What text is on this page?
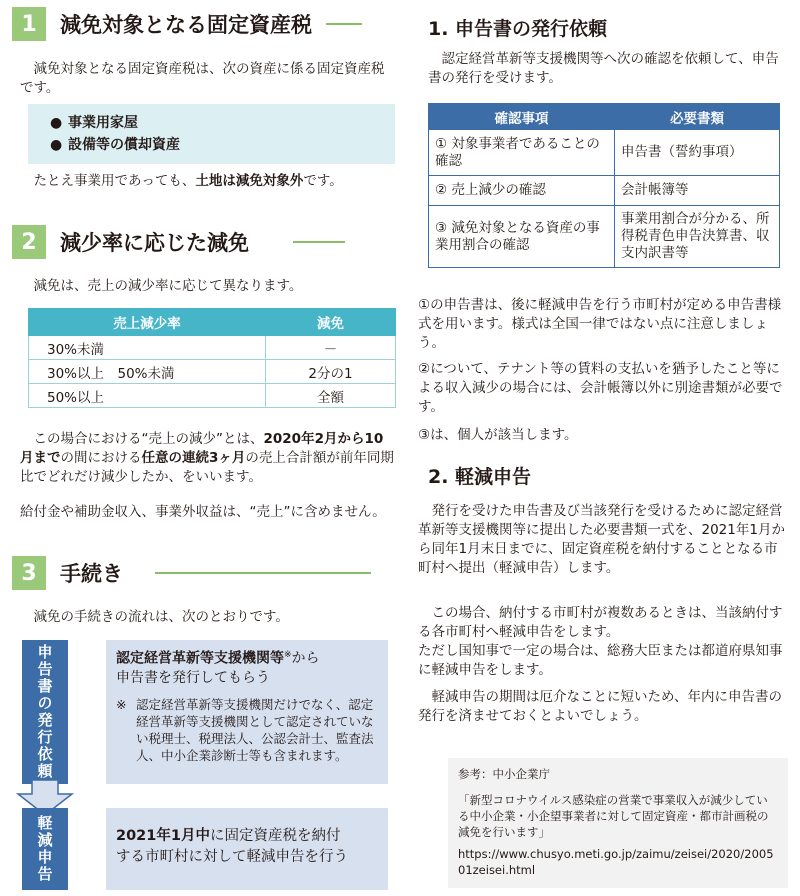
1	減免対象となる固定資産税
減免対象となる固定資産税は、次の資産に係る固定資産税です。
● 事業用家屋
● 設備等の償却資産
たとえ事業用であっても、土地は減免対象外です。
2	減少率に応じた減免
減免は、売上の減少率に応じて異なります。
売上減少率	減免
30%未満	－
30%以上　50%未満	2分の1
50%以上	全額
この場合における“売上の減少”とは、2020年2月から10月までの間における任意の連続3ヶ月の売上合計額が前年同期比でどれだけ減少したか、をいいます。
給付金や補助金収入、事業外収益は、“売上”に含めません。
3	手続き
減免の手続きの流れは、次のとおりです。
申告書の発行依頼	認定経営革新等支援機関等※から
申告書を発行してもらう
※ 認定経営革新等支援機関だけでなく、認定経営革新等支援機関として認定されていない税理士、税理法人、公認会計士、監査法人、中小企業診断士等も含まれます。
軽減申告	2021年1月中に固定資産税を納付
する市町村に対して軽減申告を行う
1. 申告書の発行依頼
認定経営革新等支援機関等へ次の確認を依頼して、申告書の発行を受けます。
確認事項	必要書類
① 対象事業者であることの確認	申告書（誓約事項）
② 売上減少の確認	会計帳簿等
③ 減免対象となる資産の事業用割合の確認	事業用割合が分かる、所得税青色申告決算書、収支内訳書等
①の申告書は、後に軽減申告を行う市町村が定める申告書様式を用います。様式は全国一律ではない点に注意しましょう。
②について、テナント等の賃料の支払いを猶予したこと等による収入減少の場合には、会計帳簿以外に別途書類が必要です。
③は、個人が該当します。
2. 軽減申告
発行を受けた申告書及び当該発行を受けるために認定経営革新等支援機関等に提出した必要書類一式を、2021年1月から同年1月末日までに、固定資産税を納付することとなる市町村へ提出（軽減申告）します。
この場合、納付する市町村が複数あるときは、当該納付する各市町村へ軽減申告をします。
ただし国知事で一定の場合は、総務大臣または都道府県知事に軽減申告をします。
軽減申告の期間は厄介なことに短いため、年内に申告書の発行を済ませておくとよいでしょう。
参考：中小企業庁
「新型コロナウイルス感染症の営業で事業収入が減少している中小企業・小企望事業者に対して固定資産・都市計画税の減免を行います」
https://www.chusyo.meti.go.jp/zaimu/zeisei/2020/200501zeisei.html
